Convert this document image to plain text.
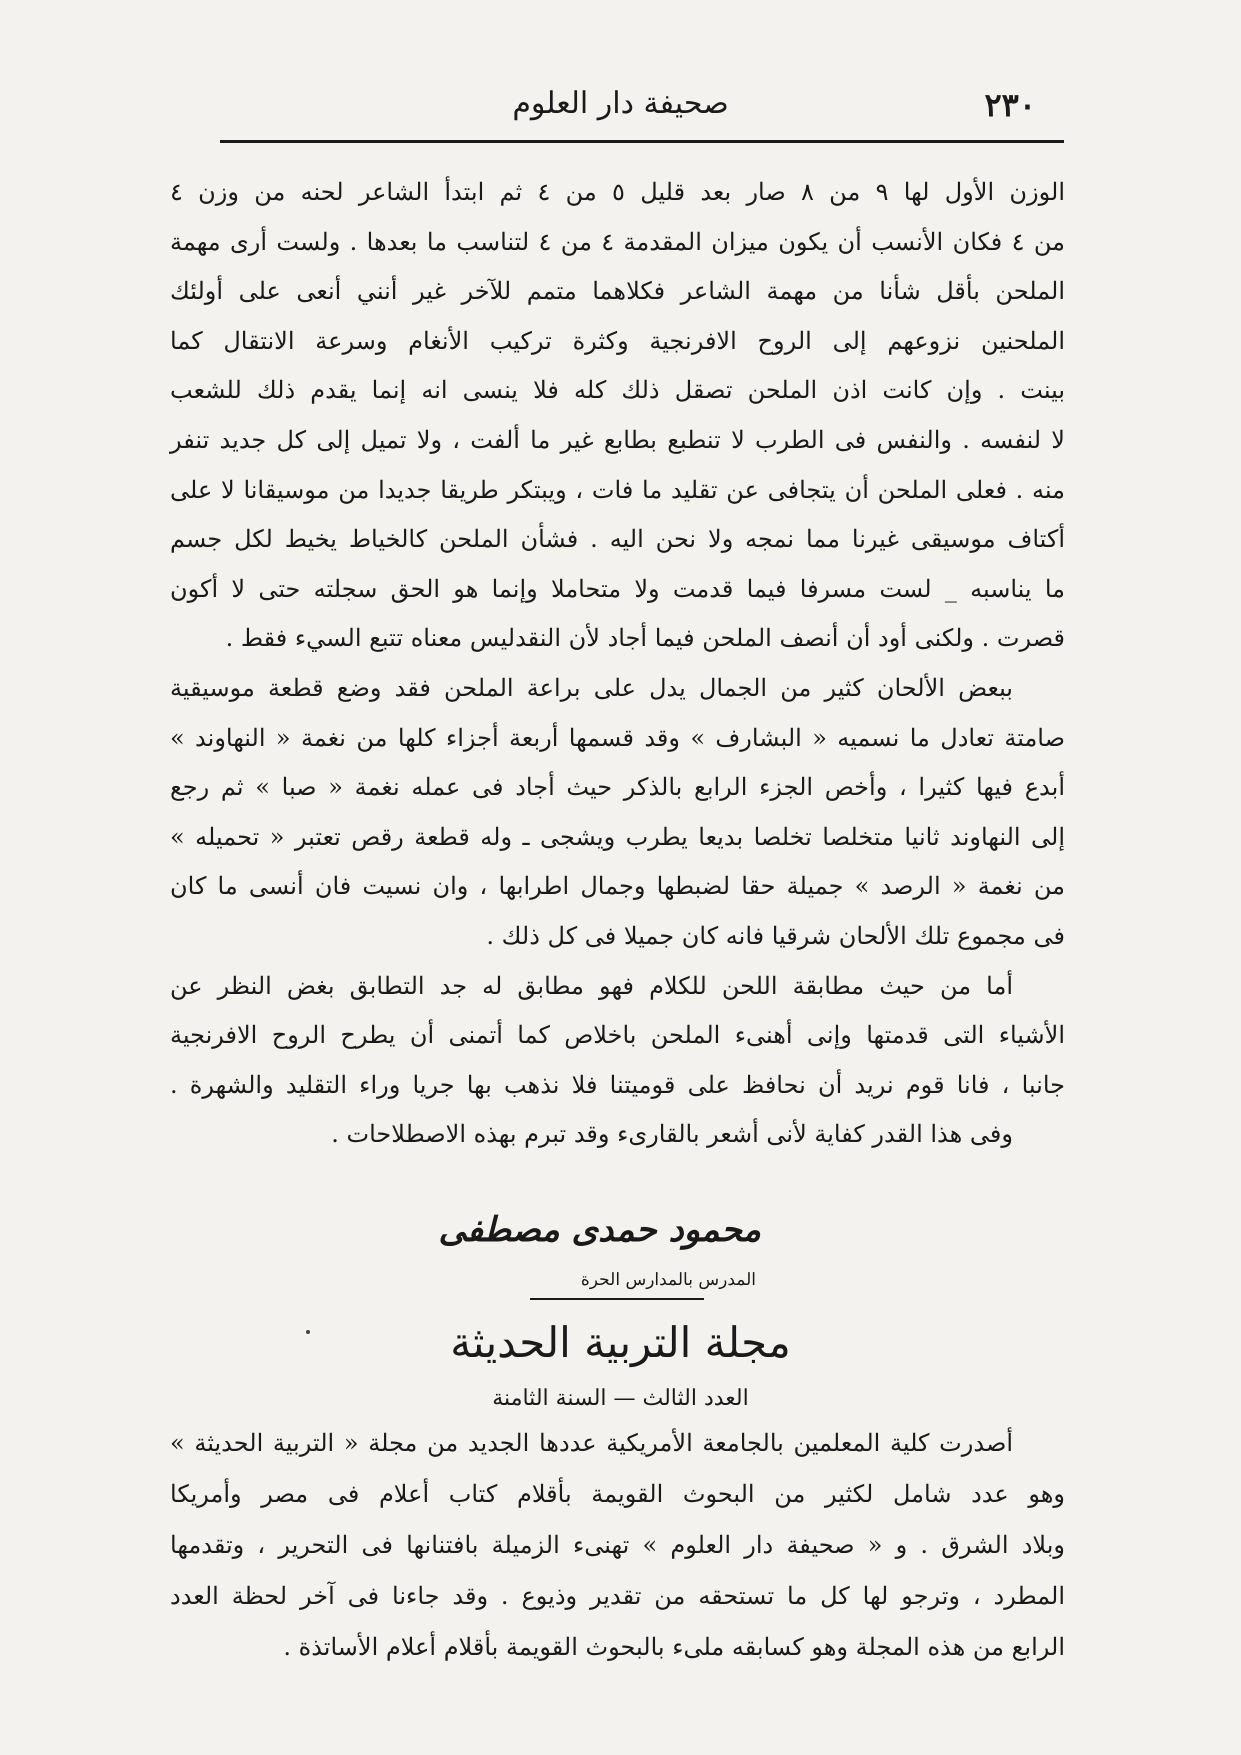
٢٣٠
صحيفة دار العلوم
الوزن الأول لها ٩ من ٨ صار بعد قليل ٥ من ٤ ثم ابتدأ الشاعر لحنه من وزن ٤
من ٤ فكان الأنسب أن يكون ميزان المقدمة ٤ من ٤ لتناسب ما بعدها . ولست أرى مهمة
الملحن بأقل شأنا من مهمة الشاعر فكلاهما متمم للآخر غير أنني أنعى على أولئك
الملحنين نزوعهم إلى الروح الافرنجية وكثرة تركيب الأنغام وسرعة الانتقال كما
بينت . وإن كانت اذن الملحن تصقل ذلك كله فلا ينسى انه إنما يقدم ذلك للشعب
لا لنفسه . والنفس فى الطرب لا تنطبع بطابع غير ما ألفت ، ولا تميل إلى كل جديد تنفر
منه . فعلى الملحن أن يتجافى عن تقليد ما فات ، ويبتكر طريقا جديدا من موسيقانا لا على
أكتاف موسيقى غيرنا مما نمجه ولا نحن اليه . فشأن الملحن كالخياط يخيط لكل جسم
ما يناسبه _ لست مسرفا فيما قدمت ولا متحاملا وإنما هو الحق سجلته حتى لا أكون
قصرت . ولكنى أود أن أنصف الملحن فيما أجاد لأن النقدليس معناه تتبع السيء فقط .
ببعض الألحان كثير من الجمال يدل على براعة الملحن فقد وضع قطعة موسيقية
صامتة تعادل ما نسميه « البشارف » وقد قسمها أربعة أجزاء كلها من نغمة « النهاوند »
أبدع فيها كثيرا ، وأخص الجزء الرابع بالذكر حيث أجاد فى عمله نغمة « صبا » ثم رجع
إلى النهاوند ثانيا متخلصا تخلصا بديعا يطرب ويشجى ـ وله قطعة رقص تعتبر « تحميله »
من نغمة « الرصد » جميلة حقا لضبطها وجمال اطرابها ، وان نسيت فان أنسى ما كان
فى مجموع تلك الألحان شرقيا فانه كان جميلا فى كل ذلك .
أما من حيث مطابقة اللحن للكلام فهو مطابق له جد التطابق بغض النظر عن
الأشياء التى قدمتها وإنى أهنىء الملحن باخلاص كما أتمنى أن يطرح الروح الافرنجية
جانبا ، فانا قوم نريد أن نحافظ على قوميتنا فلا نذهب بها جريا وراء التقليد والشهرة .
وفى هذا القدر كفاية لأنى أشعر بالقارىء وقد تبرم بهذه الاصطلاحات .
محمود حمدى مصطفى
المدرس بالمدارس الحرة
مجلة التربية الحديثة
العدد الثالث — السنة الثامنة
أصدرت كلية المعلمين بالجامعة الأمريكية عددها الجديد من مجلة « التربية الحديثة »
وهو عدد شامل لكثير من البحوث القويمة بأقلام كتاب أعلام فى مصر وأمريكا
وبلاد الشرق . و « صحيفة دار العلوم » تهنىء الزميلة بافتنانها فى التحرير ، وتقدمها
المطرد ، وترجو لها كل ما تستحقه من تقدير وذيوع . وقد جاءنا فى آخر لحظة العدد
الرابع من هذه المجلة وهو كسابقه ملىء بالبحوث القويمة بأقلام أعلام الأساتذة .
